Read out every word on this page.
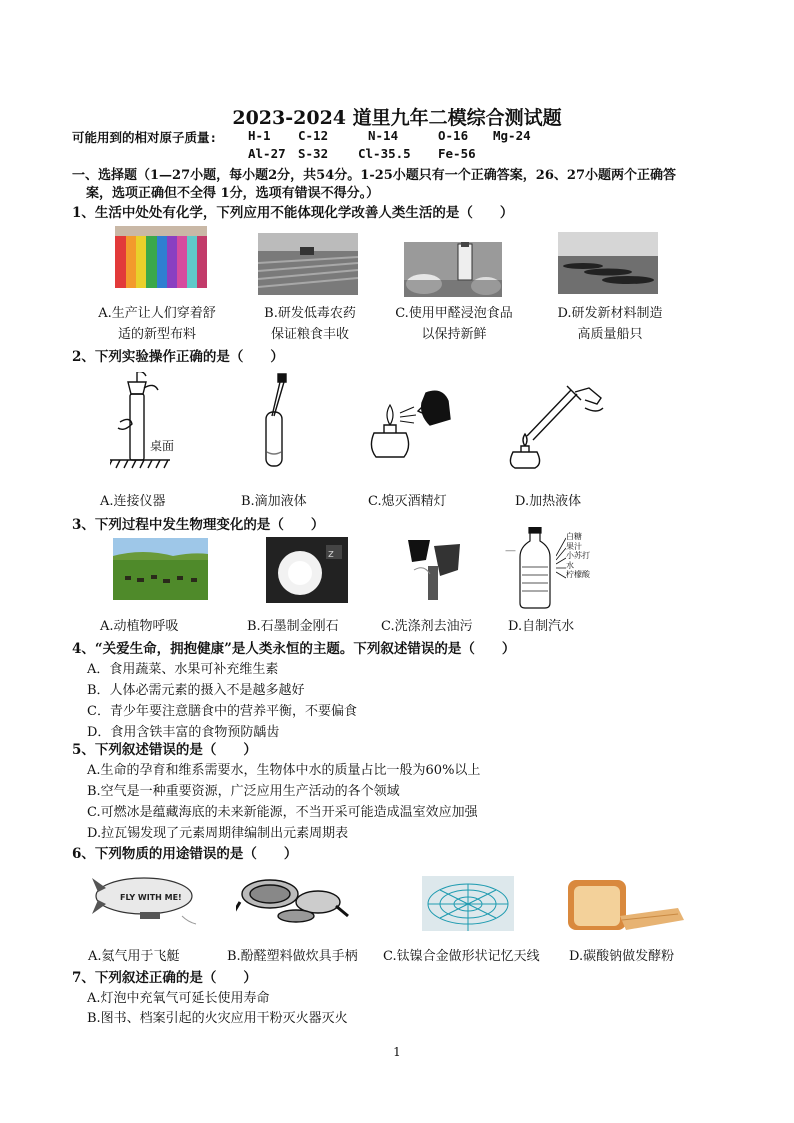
2023-2024 道里九年二模综合测试题
可能用到的相对原子质量: H-1 C-12	N-14	O-16 Mg-24
Al-27 S-32 Cl-35.5 Fe-56
一、选择题（1—27小题，每小题2分，共54分。1-25小题只有一个正确答案，26、27小题两个正确答
案，选项正确但不全得 1分，选项有错误不得分。）
1、生活中处处有化学，下列应用不能体现化学改善人类生活的是（　　）
A.生产让人们穿着舒
适的新型布料
B.研发低毒农药
保证粮食丰收
C.使用甲醛浸泡食品
以保持新鲜
D.研发新材料制造
高质量船只
2、下列实验操作正确的是（　　）
桌面
A.连接仪器	B.滴加液体	C.熄灭酒精灯	D.加热液体
3、下列过程中发生物理变化的是（　　）
z	—
白糖
果汁
小苏打
水
柠檬酸
A.动植物呼吸	B.石墨制金刚石	C.洗涤剂去油污	D.自制汽水
4、“关爱生命，拥抱健康”是人类永恒的主题。下列叙述错误的是（　　）
A．食用蔬菜、水果可补充维生素
B．人体必需元素的摄入不是越多越好
C．青少年要注意膳食中的营养平衡，不要偏食
D．食用含铁丰富的食物预防龋齿
5、下列叙述错误的是（　　）
A.生命的孕育和维系需要水，生物体中水的质量占比一般为60%以上
B.空气是一种重要资源，广泛应用生产活动的各个领域
C.可燃冰是蕴藏海底的未来新能源，不当开采可能造成温室效应加强
D.拉瓦锡发现了元素周期律编制出元素周期表
6、下列物质的用途错误的是（　　）
FLY WITH ME!
A.氦气用于飞艇	B.酚醛塑料做炊具手柄 C.钛镍合金做形状记忆天线 D.碳酸钠做发酵粉
7、下列叙述正确的是（　　）
A.灯泡中充氧气可延长使用寿命
B.图书、档案引起的火灾应用干粉灭火器灭火
1
